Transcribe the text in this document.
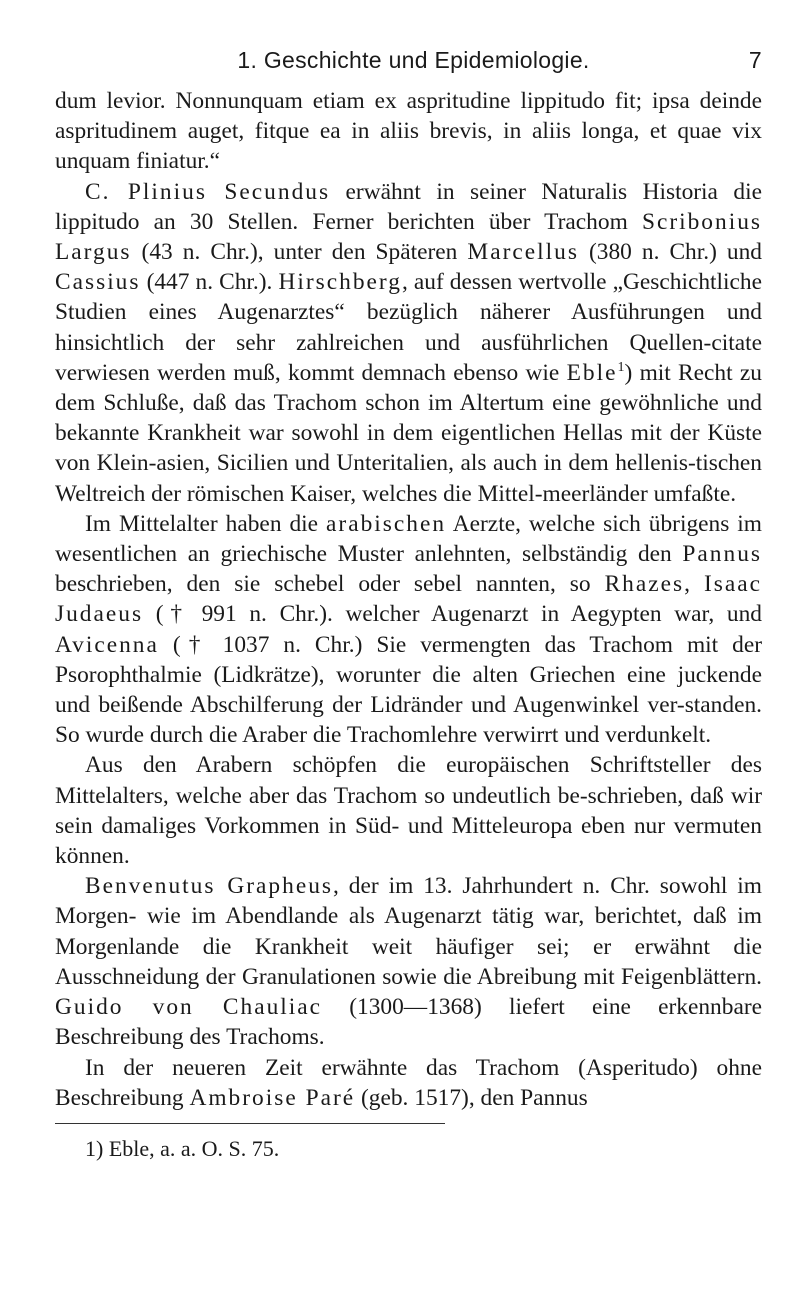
1. Geschichte und Epidemiologie.	7

dum levior. Nonnunquam etiam ex aspritudine lippitudo fit; ipsa deinde aspritudinem auget, fitque ea in aliis brevis, in aliis longa, et quae vix unquam finiatur.“

C. Plinius Secundus erwähnt in seiner Naturalis Historia die lippitudo an 30 Stellen. Ferner berichten über Trachom Scribonius Largus (43 n. Chr.), unter den Späteren Marcellus (380 n. Chr.) und Cassius (447 n. Chr.). Hirschberg, auf dessen wertvolle „Geschichtliche Studien eines Augenarztes“ bezüglich näherer Ausführungen und hinsichtlich der sehr zahlreichen und ausführlichen Quellen-citate verwiesen werden muß, kommt demnach ebenso wie Eble$^1$) mit Recht zu dem Schluße, daß das Trachom schon im Altertum eine gewöhnliche und bekannte Krankheit war sowohl in dem eigentlichen Hellas mit der Küste von Klein-asien, Sicilien und Unteritalien, als auch in dem hellenis-tischen Weltreich der römischen Kaiser, welches die Mittel-meerländer umfaßte.

Im Mittelalter haben die arabischen Aerzte, welche sich übrigens im wesentlichen an griechische Muster anlehnten, selbständig den Pannus beschrieben, den sie schebel oder sebel nannten, so Rhazes, Isaac Judaeus († 991 n. Chr.). welcher Augenarzt in Aegypten war, und Avicenna († 1037 n. Chr.) Sie vermengten das Trachom mit der Psorophthalmie (Lidkrätze), worunter die alten Griechen eine juckende und beißende Abschilferung der Lidränder und Augenwinkel ver-standen. So wurde durch die Araber die Trachomlehre verwirrt und verdunkelt.

Aus den Arabern schöpfen die europäischen Schriftsteller des Mittelalters, welche aber das Trachom so undeutlich be-schrieben, daß wir sein damaliges Vorkommen in Süd- und Mitteleuropa eben nur vermuten können.

Benvenutus Grapheus, der im 13. Jahrhundert n. Chr. sowohl im Morgen- wie im Abendlande als Augenarzt tätig war, berichtet, daß im Morgenlande die Krankheit weit häufiger sei; er erwähnt die Ausschneidung der Granulationen sowie die Abreibung mit Feigenblättern. Guido von Chauliac (1300—1368) liefert eine erkennbare Beschreibung des Trachoms.

In der neueren Zeit erwähnte das Trachom (Asperitudo) ohne Beschreibung Ambroise Paré (geb. 1517), den Pannus

1) Eble, a. a. O. S. 75.
